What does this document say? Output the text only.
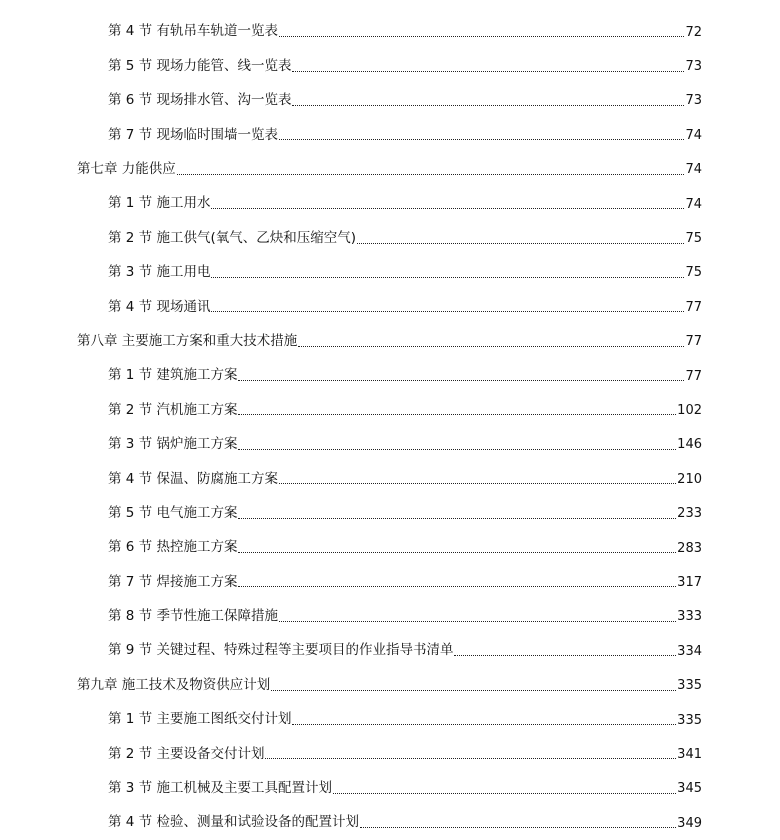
第 4 节 有轨吊车轨道一览表	72
第 5 节 现场力能管、线一览表	73
第 6 节 现场排水管、沟一览表	73
第 7 节 现场临时围墙一览表	74
第七章 力能供应	74
第 1 节 施工用水	74
第 2 节 施工供气(氧气、乙炔和压缩空气)	75
第 3 节 施工用电	75
第 4 节 现场通讯	77
第八章 主要施工方案和重大技术措施	77
第 1 节 建筑施工方案	77
第 2 节 汽机施工方案	102
第 3 节 锅炉施工方案	146
第 4 节 保温、防腐施工方案	210
第 5 节 电气施工方案	233
第 6 节 热控施工方案	283
第 7 节 焊接施工方案	317
第 8 节 季节性施工保障措施	333
第 9 节 关键过程、特殊过程等主要项目的作业指导书清单	334
第九章 施工技术及物资供应计划	335
第 1 节 主要施工图纸交付计划	335
第 2 节 主要设备交付计划	341
第 3 节 施工机械及主要工具配置计划	345
第 4 节 检验、测量和试验设备的配置计划	349
